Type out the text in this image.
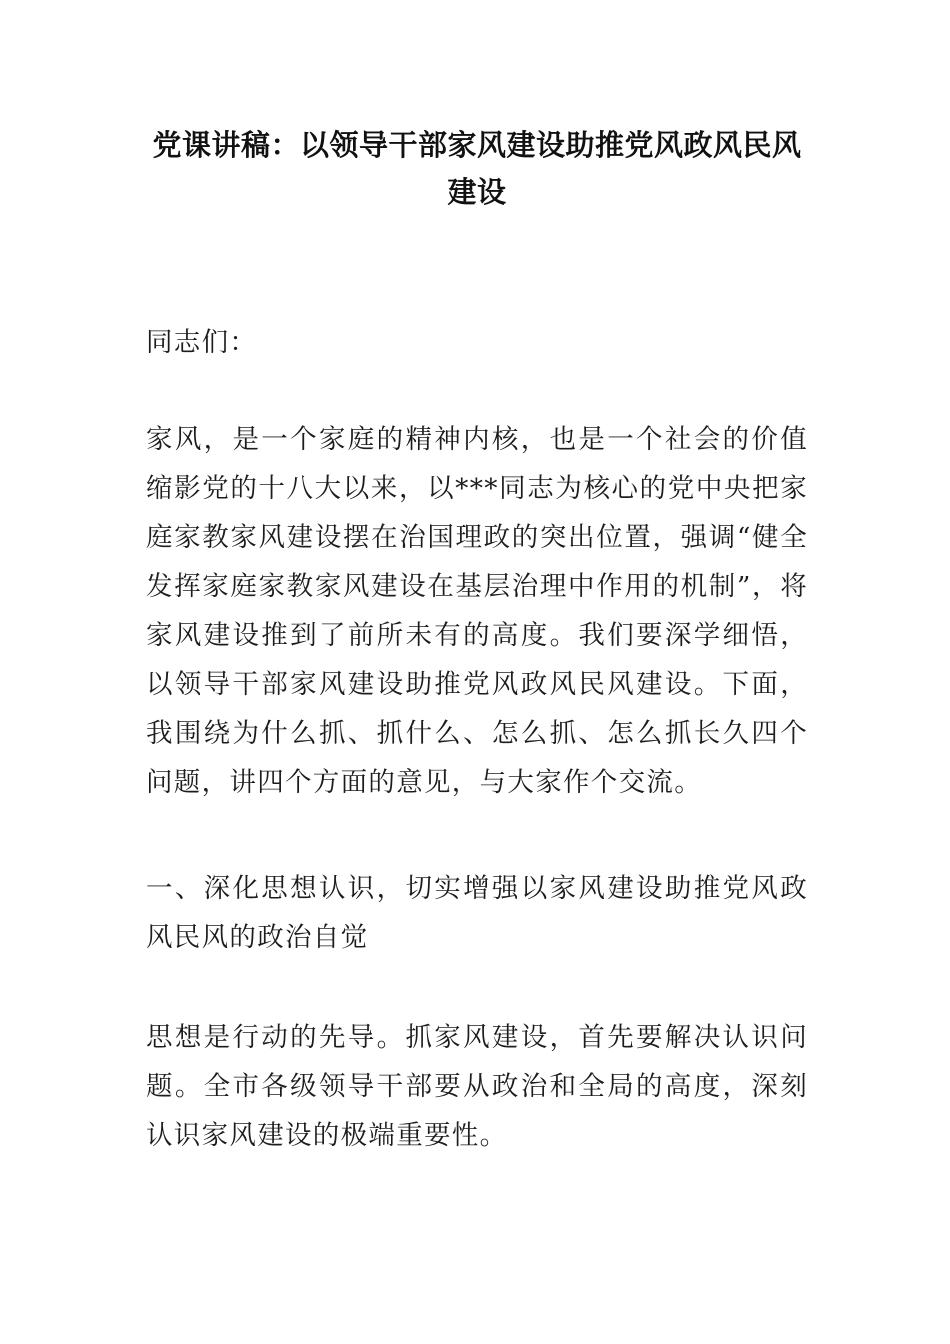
党课讲稿：以领导干部家风建设助推党风政风民风建设

同志们：

家风，是一个家庭的精神内核，也是一个社会的价值缩影党的十八大以来，以***同志为核心的党中央把家庭家教家风建设摆在治国理政的突出位置，强调“健全发挥家庭家教家风建设在基层治理中作用的机制”，将家风建设推到了前所未有的高度。我们要深学细悟，以领导干部家风建设助推党风政风民风建设。下面，我围绕为什么抓、抓什么、怎么抓、怎么抓长久四个问题，讲四个方面的意见，与大家作个交流。

一、深化思想认识，切实增强以家风建设助推党风政风民风的政治自觉

思想是行动的先导。抓家风建设，首先要解决认识问题。全市各级领导干部要从政治和全局的高度，深刻认识家风建设的极端重要性。
